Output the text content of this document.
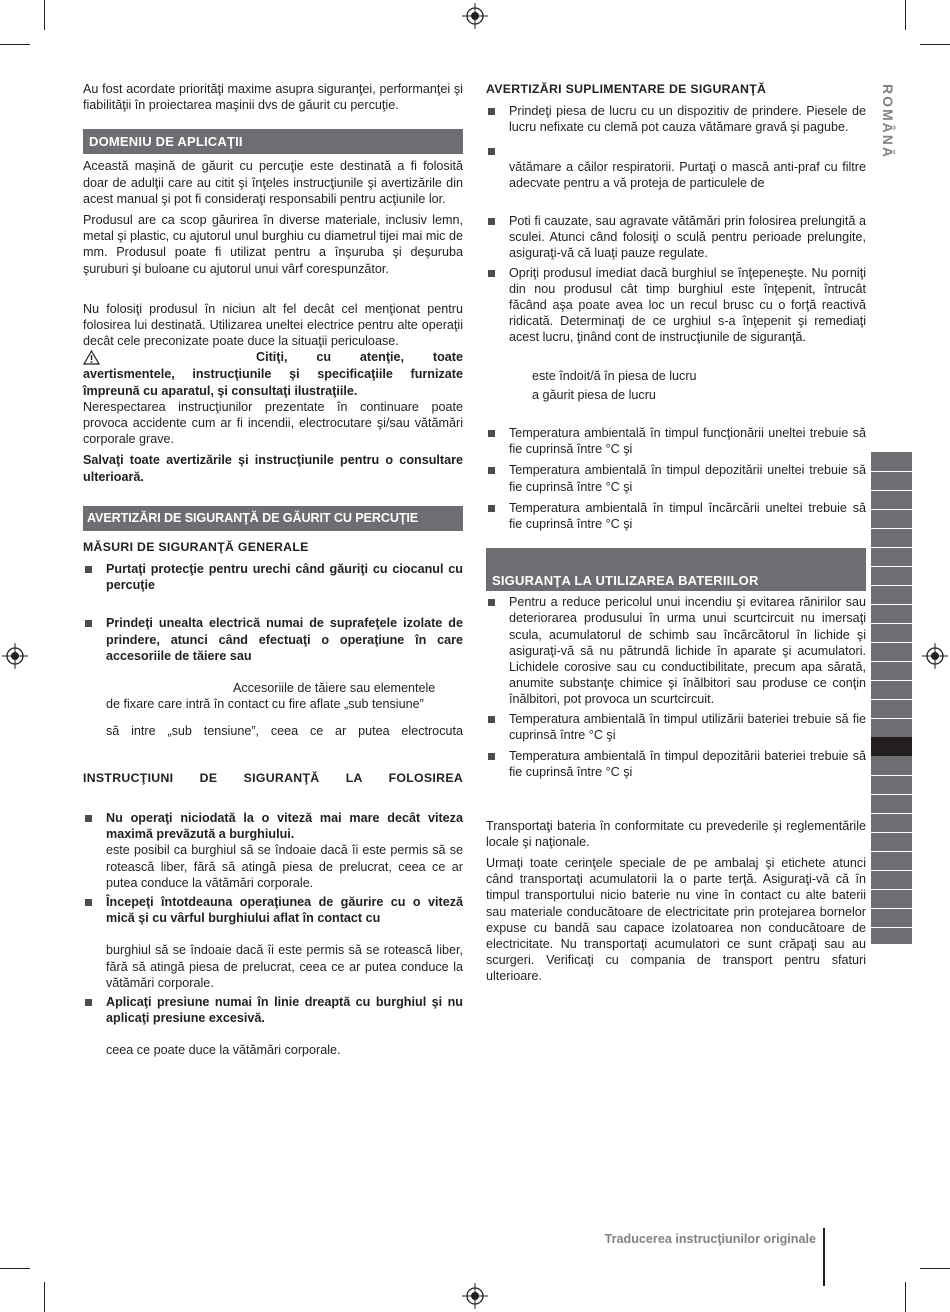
ROMÂNĂ

Au fost acordate priorităţi maxime asupra siguranţei, performanţei şi fiabilităţii în proiectarea maşinii dvs de găurit cu percuţie.

DOMENIU DE APLICAŢII

Această maşină de găurit cu percuţie este destinată a fi folosită doar de adulţii care au citit şi înţeles instrucţiunile şi avertizările din acest manual şi pot fi consideraţi responsabili pentru acţiunile lor.

Produsul are ca scop găurirea în diverse materiale, inclusiv lemn, metal şi plastic, cu ajutorul unul burghiu cu diametrul tijei mai mic de mm. Produsul poate fi utilizat pentru a înşuruba şi deşuruba şuruburi şi buloane cu ajutorul unui vârf corespunzător.

Nu folosiţi produsul în niciun alt fel decât cel menţionat pentru folosirea lui destinată. Utilizarea uneltei electrice pentru alte operaţii decât cele preconizate poate duce la situaţii periculoase.

Citiţi, cu atenţie, toate

avertismentele, instrucţiunile şi specificaţiile furnizate împreună cu aparatul, şi consultaţi ilustraţiile.

Nerespectarea instrucţiunilor prezentate în continuare poate provoca accidente cum ar fi incendii, electrocutare şi/sau vătămări corporale grave.

Salvaţi toate avertizările şi instrucţiunile pentru o consultare ulterioară.

AVERTIZĂRI DE SIGURANŢĂ DE GĂURIT CU PERCUŢIE
MĂSURI DE SIGURANŢĂ GENERALE
Purtaţi protecţie pentru urechi când găuriţi cu ciocanul cu percuţie
Prindeţi unealta electrică numai de suprafeţele izolate de prindere, atunci când efectuaţi o operaţiune în care accesoriile de tăiere sau
Accesoriile de tăiere sau elementele
de fixare care intră în contact cu fire aflate „sub tensiune”
să intre „sub tensiune”, ceea ce ar putea electrocuta
INSTRUCŢIUNI DE SIGURANŢĂ LA FOLOSIREA
Nu operaţi niciodată la o viteză mai mare decât viteza maximă prevăzută a burghiului.
este posibil ca burghiul să se îndoaie dacă îi este permis să se rotească liber, fără să atingă piesa de prelucrat, ceea ce ar putea conduce la vătămări corporale.
Începeţi întotdeauna operaţiunea de găurire cu o viteză mică şi cu vârful burghiului aflat în contact cu
burghiul să se îndoaie dacă îi este permis să se rotească liber, fără să atingă piesa de prelucrat, ceea ce ar putea conduce la vătămări corporale.
Aplicaţi presiune numai în linie dreaptă cu burghiul şi nu aplicaţi presiune excesivă.
ceea ce poate duce la vătămări corporale.
AVERTIZĂRI SUPLIMENTARE DE SIGURANŢĂ
Prindeţi piesa de lucru cu un dispozitiv de prindere. Piesele de lucru nefixate cu clemă pot cauza vătămare gravă şi pagube.
vătămare a căilor respiratorii. Purtaţi o mască anti-praf cu filtre adecvate pentru a vă proteja de particulele de
Poti fi cauzate, sau agravate vătămări prin folosirea prelungită a sculei. Atunci când folosiţi o sculă pentru perioade prelungite, asiguraţi-vă că luaţi pauze regulate.
Opriţi produsul imediat dacă burghiul se înţepeneşte. Nu porniţi din nou produsul cât timp burghiul este înţepenit, întrucât făcând aşa poate avea loc un recul brusc cu o forţă reactivă ridicată. Determinaţi de ce urghiul s-a înţepenit şi remediaţi acest lucru, ţinând cont de instrucţiunile de siguranţă.
este îndoit/ă în piesa de lucru
a găurit piesa de lucru
Temperatura ambientală în timpul funcţionării uneltei trebuie să fie cuprinsă între °C şi
Temperatura ambientală în timpul depozitării uneltei trebuie să fie cuprinsă între °C şi
Temperatura ambientală în timpul încărcării uneltei trebuie să fie cuprinsă între °C şi
SIGURANŢA LA UTILIZAREA BATERIILOR
Pentru a reduce pericolul unui incendiu şi evitarea rănirilor sau deteriorarea produsului în urma unui scurtcircuit nu imersaţi scula, acumulatorul de schimb sau încărcătorul în lichide şi asiguraţi-vă să nu pătrundă lichide în aparate şi acumulatori. Lichidele corosive sau cu conductibilitate, precum apa sărată, anumite substanţe chimice şi înălbitori sau produse ce conţin înălbitori, pot provoca un scurtcircuit.
Temperatura ambientală în timpul utilizării bateriei trebuie să fie cuprinsă între °C şi
Temperatura ambientală în timpul depozitării bateriei trebuie să fie cuprinsă între °C şi

Transportaţi bateria în conformitate cu prevederile şi reglementările locale şi naţionale.

Urmaţi toate cerinţele speciale de pe ambalaj şi etichete atunci când transportaţi acumulatorii la o parte terţă. Asiguraţi-vă că în timpul transportului nicio baterie nu vine în contact cu alte baterii sau materiale conducătoare de electricitate prin protejarea bornelor expuse cu bandă sau capace izolatoarea non conducătoare de electricitate. Nu transportaţi acumulatori ce sunt crăpaţi sau au scurgeri. Verificaţi cu compania de transport pentru sfaturi ulterioare.

Traducerea instrucţiunilor originale
